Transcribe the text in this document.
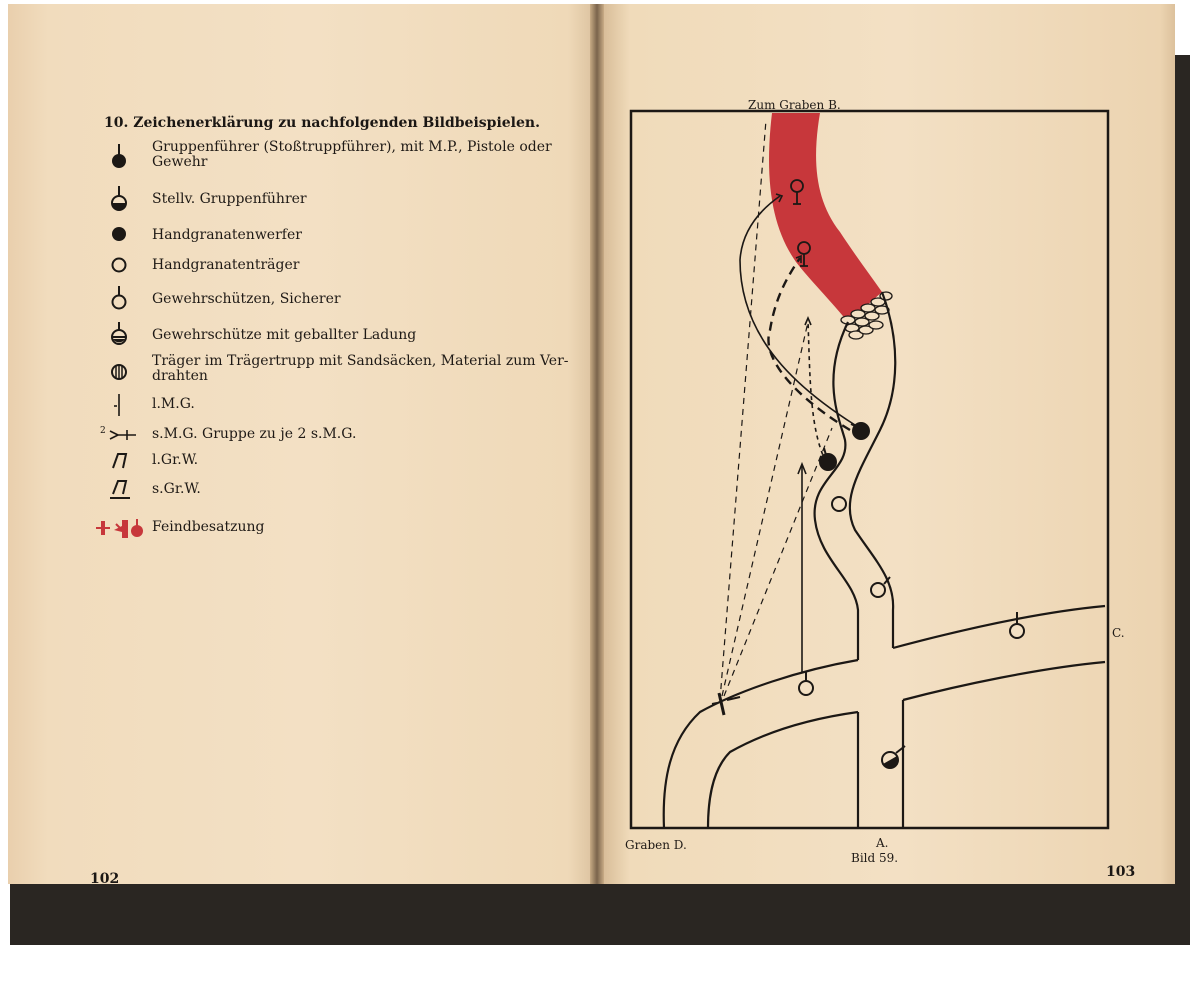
10. Zeichenerklärung zu nachfolgenden Bildbeispielen.
Gruppenführer (Stoßtruppführer), mit M.P., Pistole oder
Gewehr
Stellv. Gruppenführer
Handgranatenwerfer
Handgranatenträger
Gewehrschützen, Sicherer
Gewehrschütze mit geballter Ladung
Träger im Trägertrupp mit Sandsäcken, Material zum Ver-
drahten
l.M.G.
2	s.M.G. Gruppe zu je 2 s.M.G.
l.Gr.W.
s.Gr.W.
Feindbesatzung
102
Zum Graben B.
C.
Graben D.	A.
Bild 59.
103
